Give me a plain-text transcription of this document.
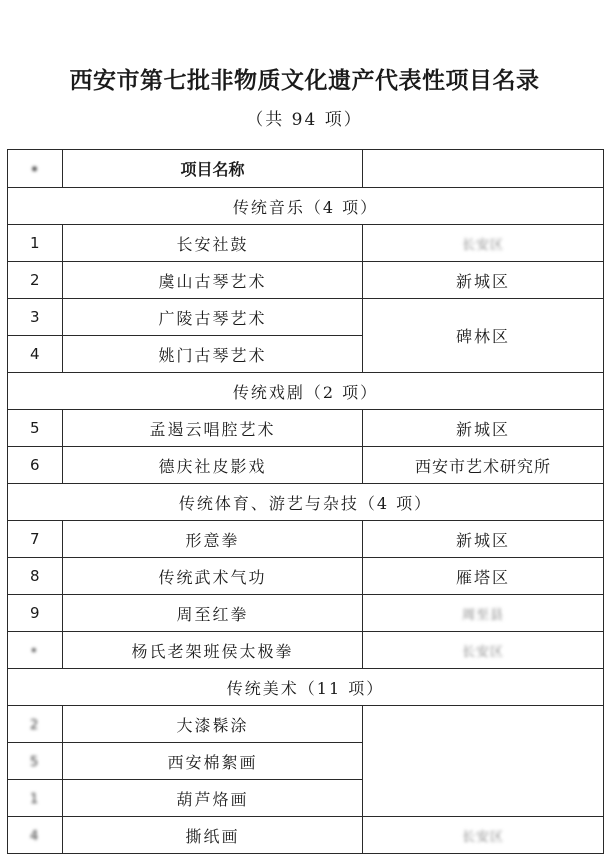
西安市第七批非物质文化遗产代表性项目名录
（共 94 项）
•	项目名称	
传统音乐（4 项）		
1	长安社鼓	长安区
2	虞山古琴艺术	新城区
3	广陵古琴艺术	碑林区
4	姚门古琴艺术	
传统戏剧（2 项）		
5	孟遏云唱腔艺术	新城区
6	德庆社皮影戏	西安市艺术研究所
传统体育、游艺与杂技（4 项）		
7	形意拳	新城区
8	传统武术气功	雁塔区
9	周至红拳	周至县
•	杨氏老架班侯太极拳	长安区
传统美术（11 项）		
2	大漆髹涂	
5	西安棉絮画	
1	葫芦烙画	
4	撕纸画	长安区
